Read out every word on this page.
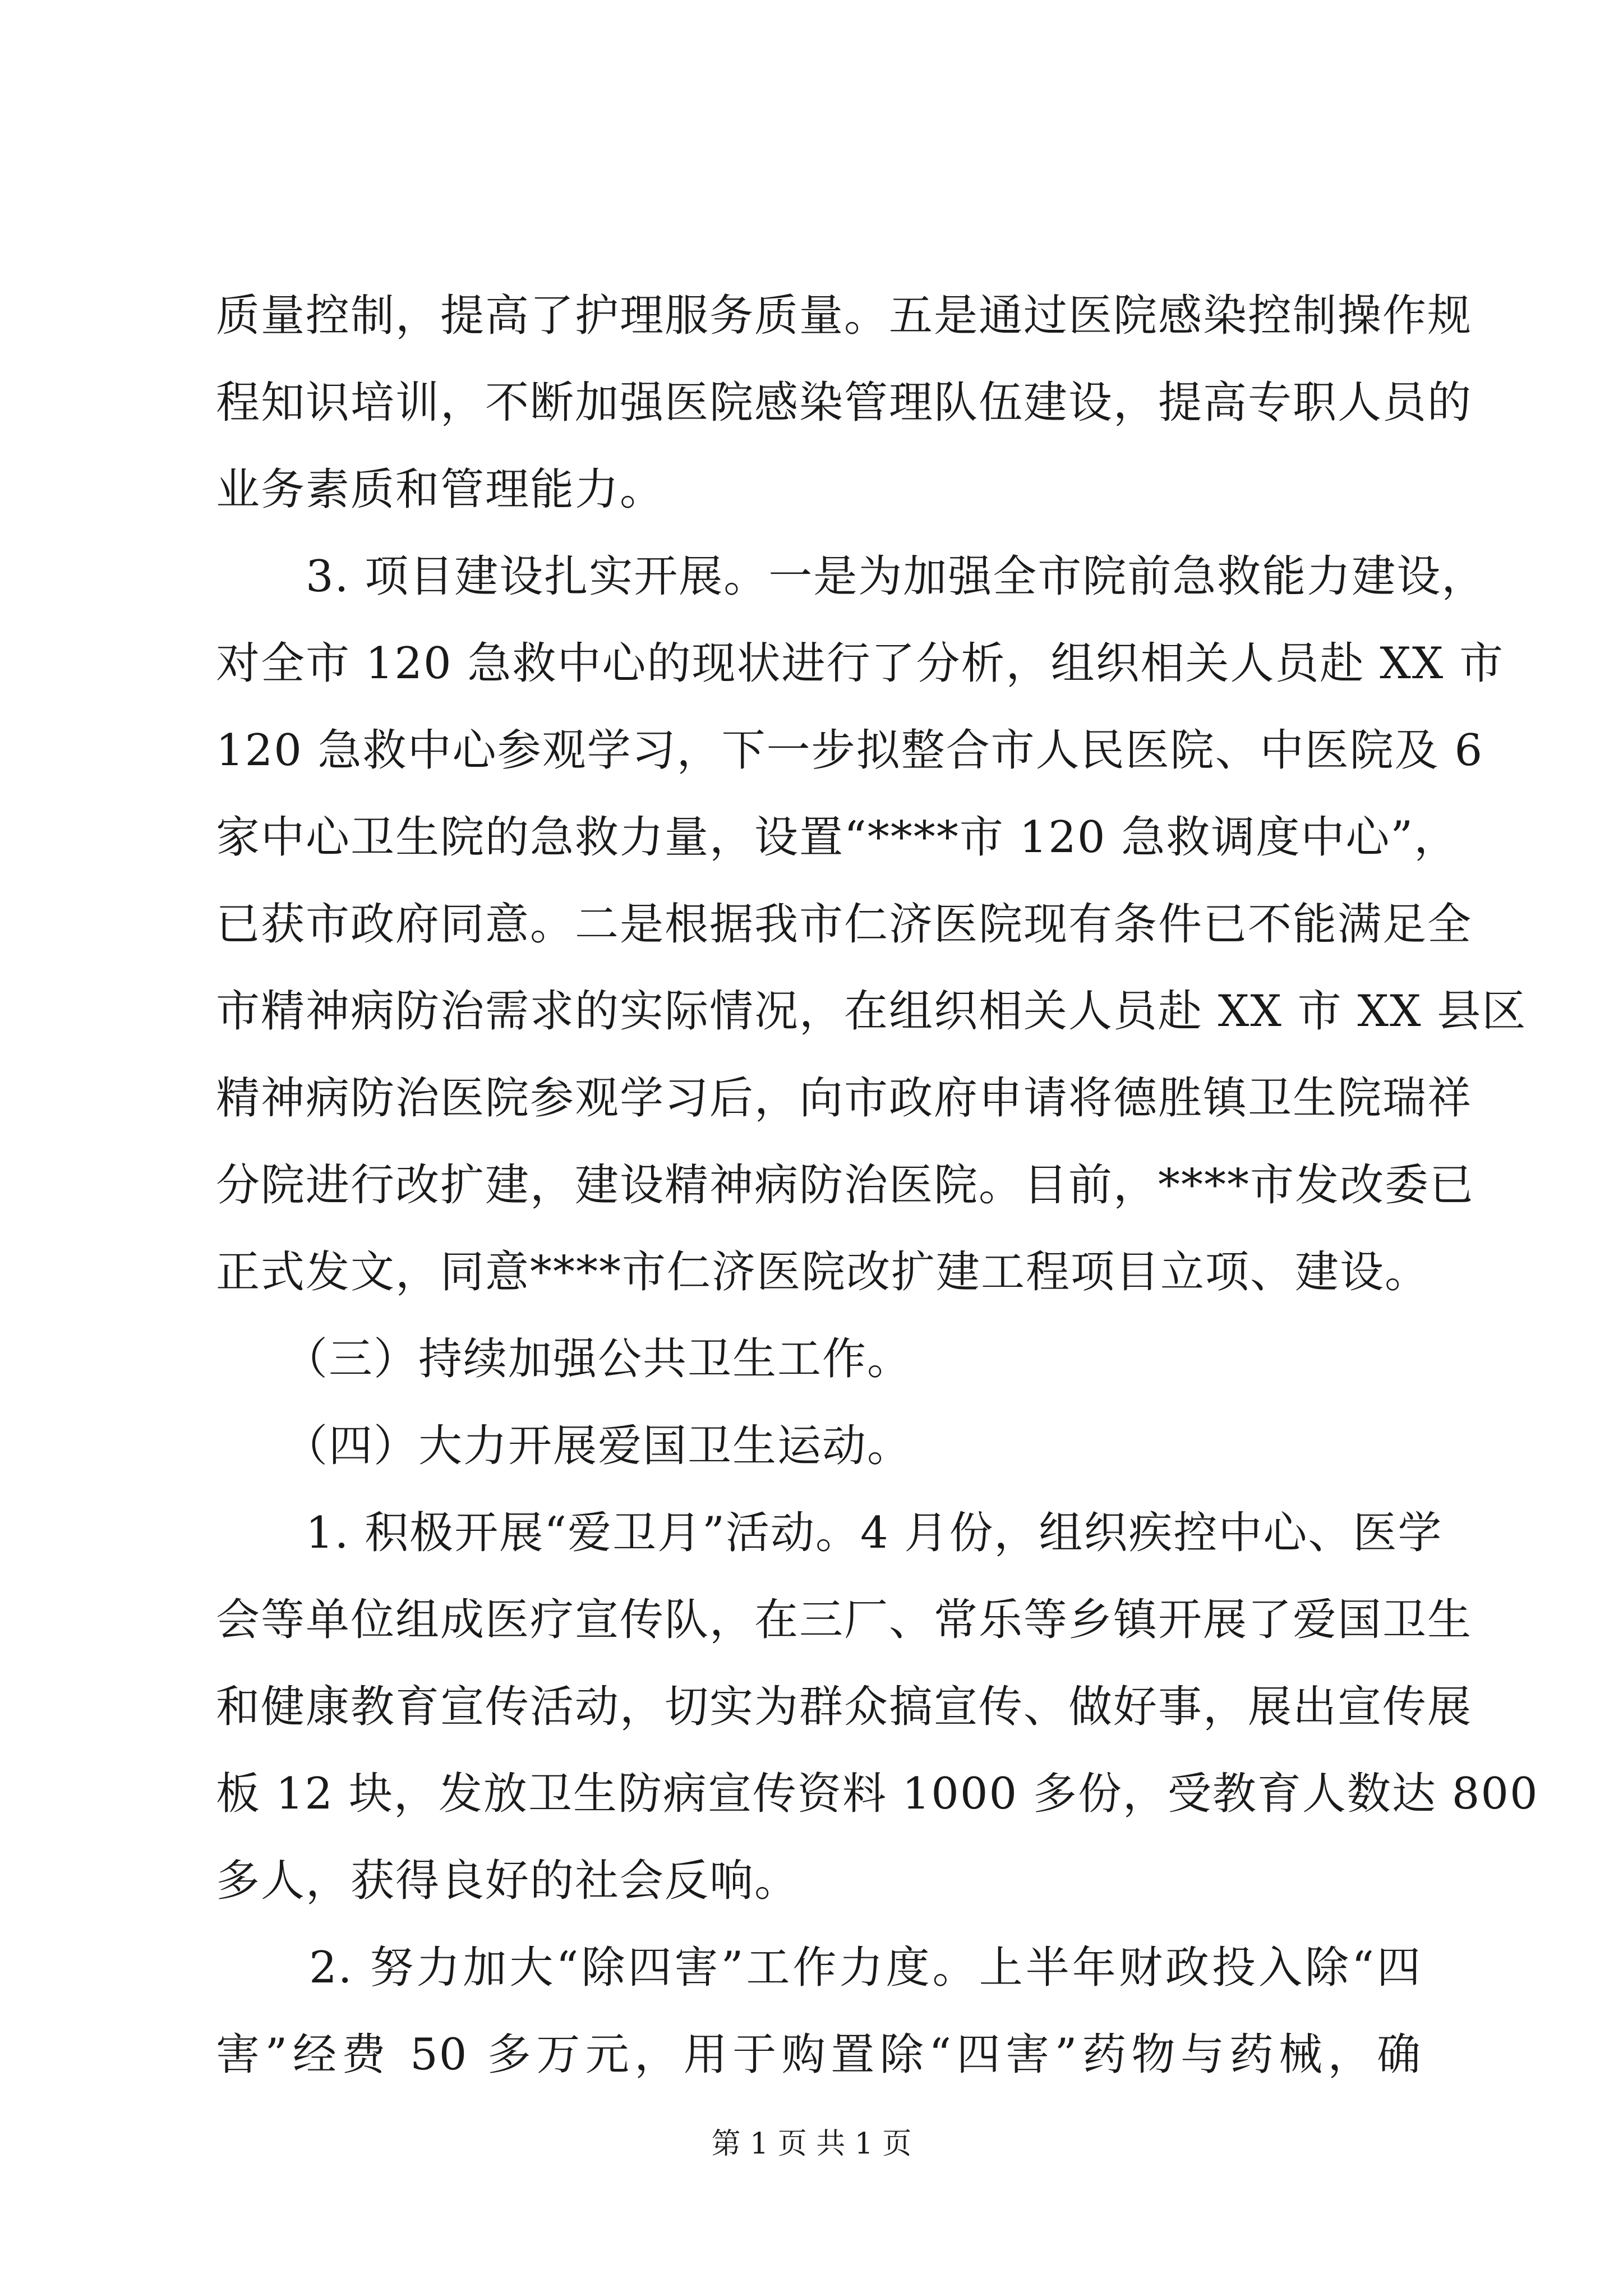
质量控制，提高了护理服务质量。五是通过医院感染控制操作规
程知识培训，不断加强医院感染管理队伍建设，提高专职人员的
业务素质和管理能力。
　　3. 项目建设扎实开展。一是为加强全市院前急救能力建设，
对全市 120 急救中心的现状进行了分析，组织相关人员赴 XX 市
120 急救中心参观学习，下一步拟整合市人民医院、中医院及 6
家中心卫生院的急救力量，设置“****市 120 急救调度中心”，
已获市政府同意。二是根据我市仁济医院现有条件已不能满足全
市精神病防治需求的实际情况，在组织相关人员赴 XX 市 XX 县区
精神病防治医院参观学习后，向市政府申请将德胜镇卫生院瑞祥
分院进行改扩建，建设精神病防治医院。目前，****市发改委已
正式发文，同意****市仁济医院改扩建工程项目立项、建设。
　　（三）持续加强公共卫生工作。
　　（四）大力开展爱国卫生运动。
　　1. 积极开展“爱卫月”活动。4 月份，组织疾控中心、医学
会等单位组成医疗宣传队，在三厂、常乐等乡镇开展了爱国卫生
和健康教育宣传活动，切实为群众搞宣传、做好事，展出宣传展
板 12 块，发放卫生防病宣传资料 1000 多份，受教育人数达 800
多人，获得良好的社会反响。
　　2. 努力加大“除四害”工作力度。上半年财政投入除“四
害”经费 50 多万元，用于购置除“四害”药物与药械，确
第 1 页 共 1 页
